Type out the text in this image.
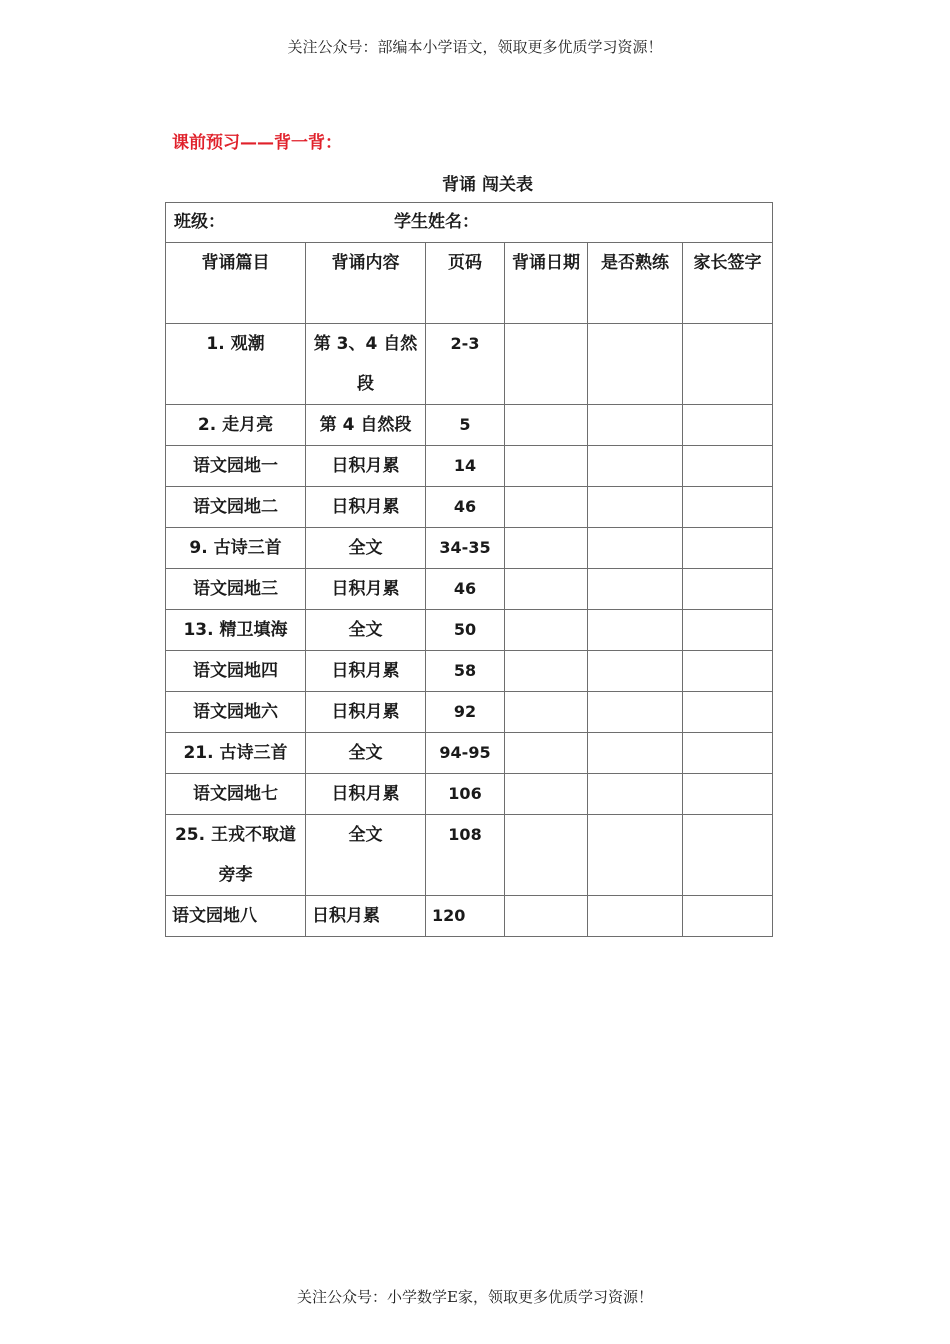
关注公众号：部编本小学语文，领取更多优质学习资源！
课前预习——背一背：
背诵 闯关表
班级： 学生姓名：					
背诵篇目	背诵内容	页码	背诵日期	是否熟练	家长签字
1. 观潮	第 3、4 自然段	2-3			
2. 走月亮	第 4 自然段	5			
语文园地一	日积月累	14			
语文园地二	日积月累	46			
9. 古诗三首	全文	34-35			
语文园地三	日积月累	46			
13. 精卫填海	全文	50			
语文园地四	日积月累	58			
语文园地六	日积月累	92			
21. 古诗三首	全文	94-95			
语文园地七	日积月累	106			
25. 王戎不取道旁李	全文	108			
语文园地八	日积月累	120			
关注公众号：小学数学E家，领取更多优质学习资源！
